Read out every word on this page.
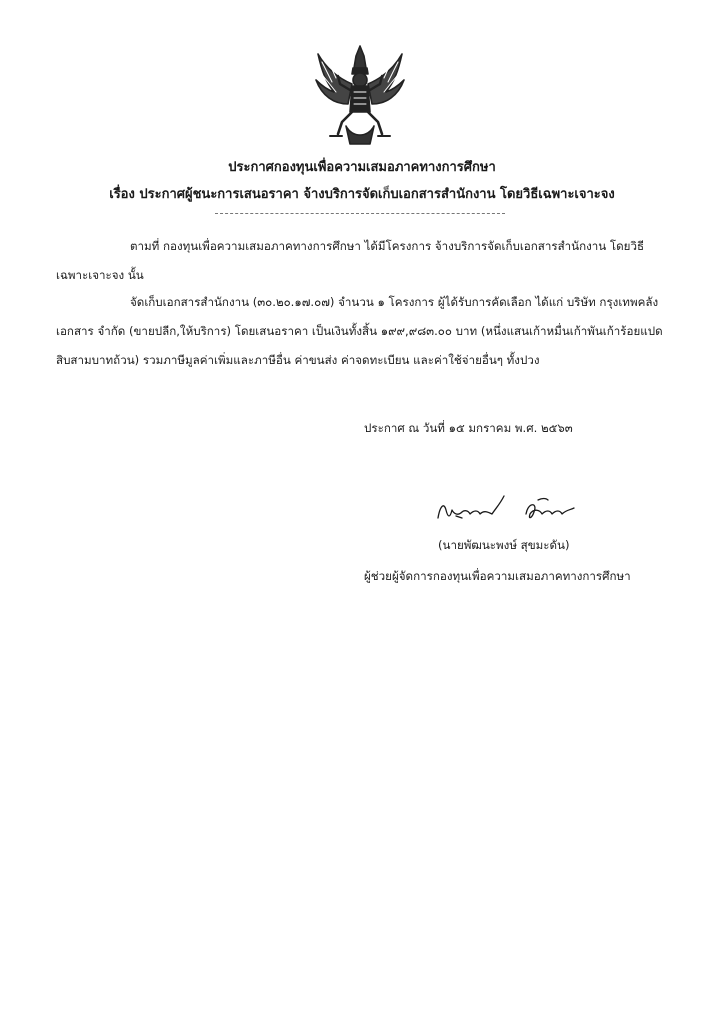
ประกาศกองทุนเพื่อความเสมอภาคทางการศึกษา
เรื่อง ประกาศผู้ชนะการเสนอราคา จ้างบริการจัดเก็บเอกสารสำนักงาน โดยวิธีเฉพาะเจาะจง
ตามที่ กองทุนเพื่อความเสมอภาคทางการศึกษา ได้มีโครงการ จ้างบริการจัดเก็บเอกสารสำนักงาน โดยวิธีเฉพาะเจาะจง นั้น
จัดเก็บเอกสารสำนักงาน (๓๐.๒๐.๑๗.๐๗) จำนวน ๑ โครงการ ผู้ได้รับการคัดเลือก ได้แก่ บริษัท กรุงเทพคลังเอกสาร จำกัด (ขายปลีก,ให้บริการ) โดยเสนอราคา เป็นเงินทั้งสิ้น ๑๙๙,๙๘๓.๐๐ บาท (หนึ่งแสนเก้าหมื่นเก้าพันเก้าร้อยแปดสิบสามบาทถ้วน) รวมภาษีมูลค่าเพิ่มและภาษีอื่น ค่าขนส่ง ค่าจดทะเบียน และค่าใช้จ่ายอื่นๆ ทั้งปวง
ประกาศ ณ วันที่ ๑๕ มกราคม พ.ศ. ๒๕๖๓
(นายพัฒนะพงษ์ สุขมะดัน)
ผู้ช่วยผู้จัดการกองทุนเพื่อความเสมอภาคทางการศึกษา
